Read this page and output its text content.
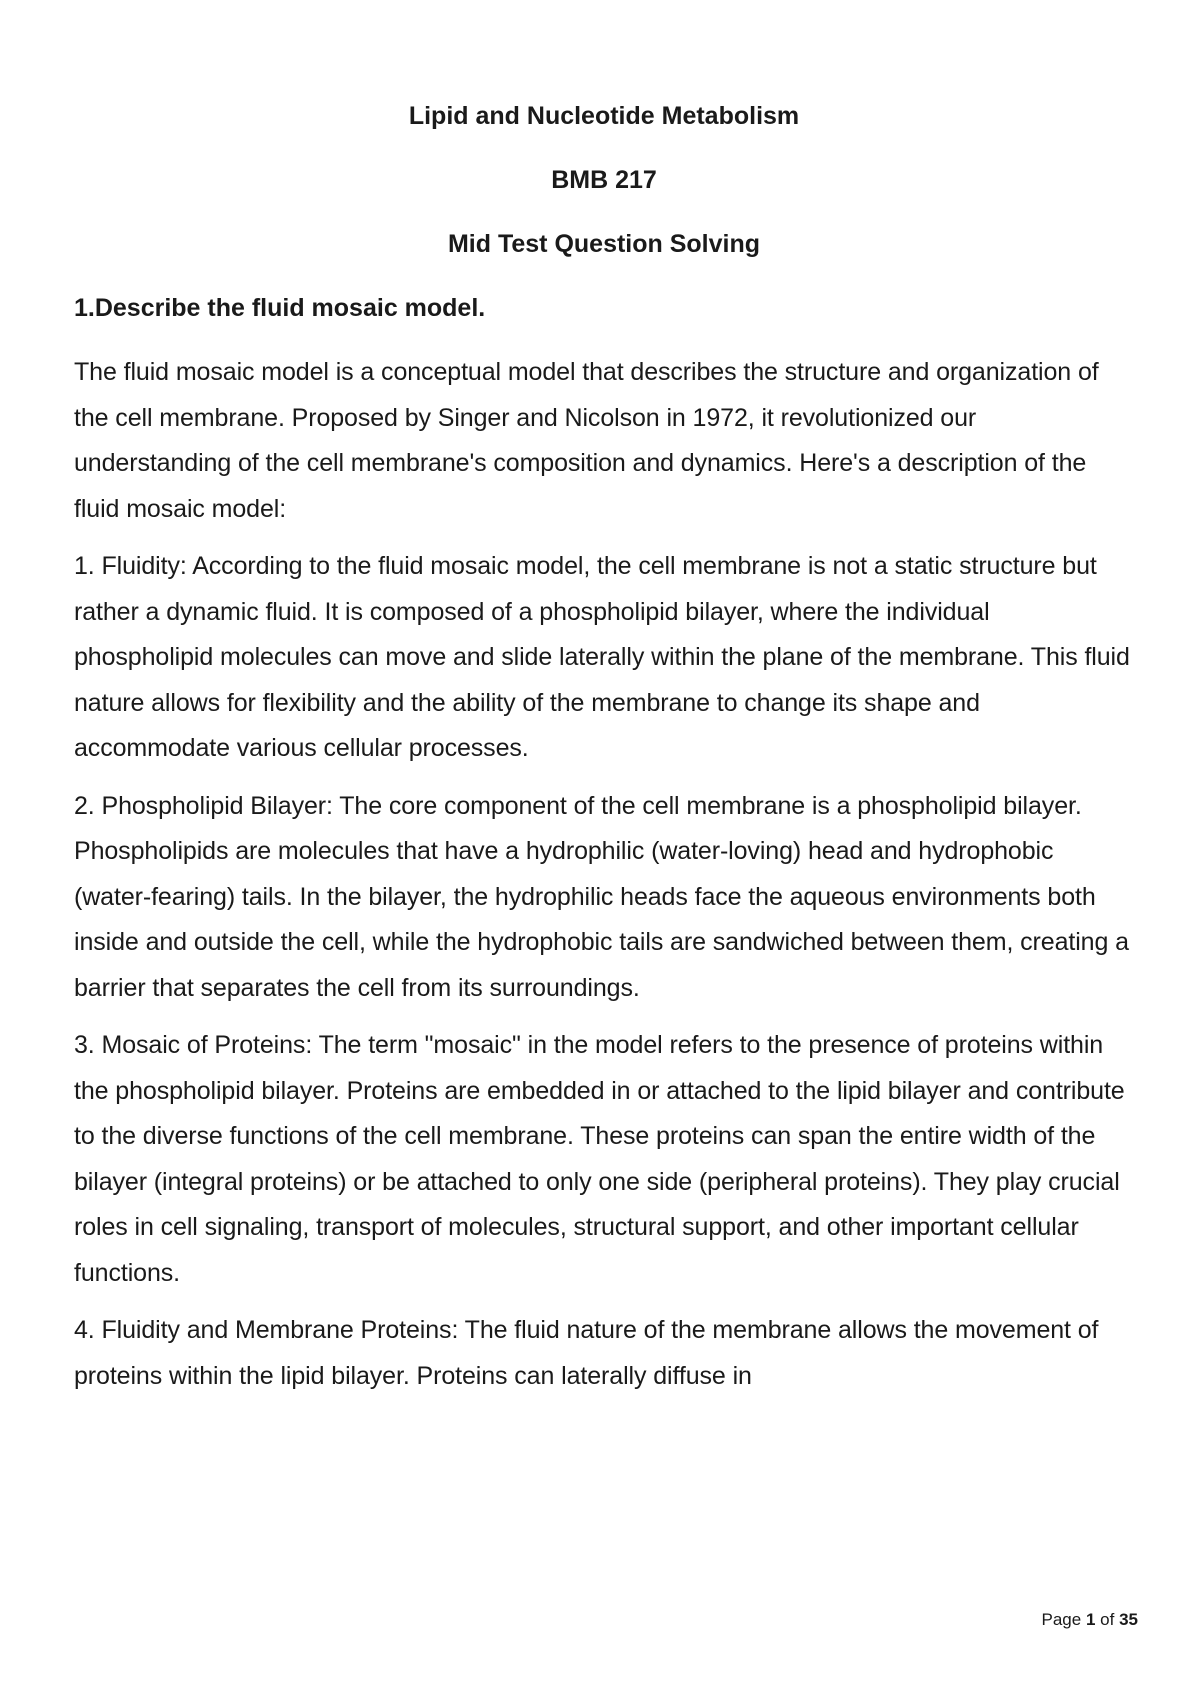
Lipid and Nucleotide Metabolism
BMB 217
Mid Test Question Solving
1.Describe the fluid mosaic model.

The fluid mosaic model is a conceptual model that describes the structure and organization of the cell membrane. Proposed by Singer and Nicolson in 1972, it revolutionized our understanding of the cell membrane's composition and dynamics. Here's a description of the fluid mosaic model:

1. Fluidity: According to the fluid mosaic model, the cell membrane is not a static structure but rather a dynamic fluid. It is composed of a phospholipid bilayer, where the individual phospholipid molecules can move and slide laterally within the plane of the membrane. This fluid nature allows for flexibility and the ability of the membrane to change its shape and accommodate various cellular processes.

2. Phospholipid Bilayer: The core component of the cell membrane is a phospholipid bilayer. Phospholipids are molecules that have a hydrophilic (water-loving) head and hydrophobic (water-fearing) tails. In the bilayer, the hydrophilic heads face the aqueous environments both inside and outside the cell, while the hydrophobic tails are sandwiched between them, creating a barrier that separates the cell from its surroundings.

3. Mosaic of Proteins: The term "mosaic" in the model refers to the presence of proteins within the phospholipid bilayer. Proteins are embedded in or attached to the lipid bilayer and contribute to the diverse functions of the cell membrane. These proteins can span the entire width of the bilayer (integral proteins) or be attached to only one side (peripheral proteins). They play crucial roles in cell signaling, transport of molecules, structural support, and other important cellular functions.

4. Fluidity and Membrane Proteins: The fluid nature of the membrane allows the movement of proteins within the lipid bilayer. Proteins can laterally diffuse in

Page 1 of 35
